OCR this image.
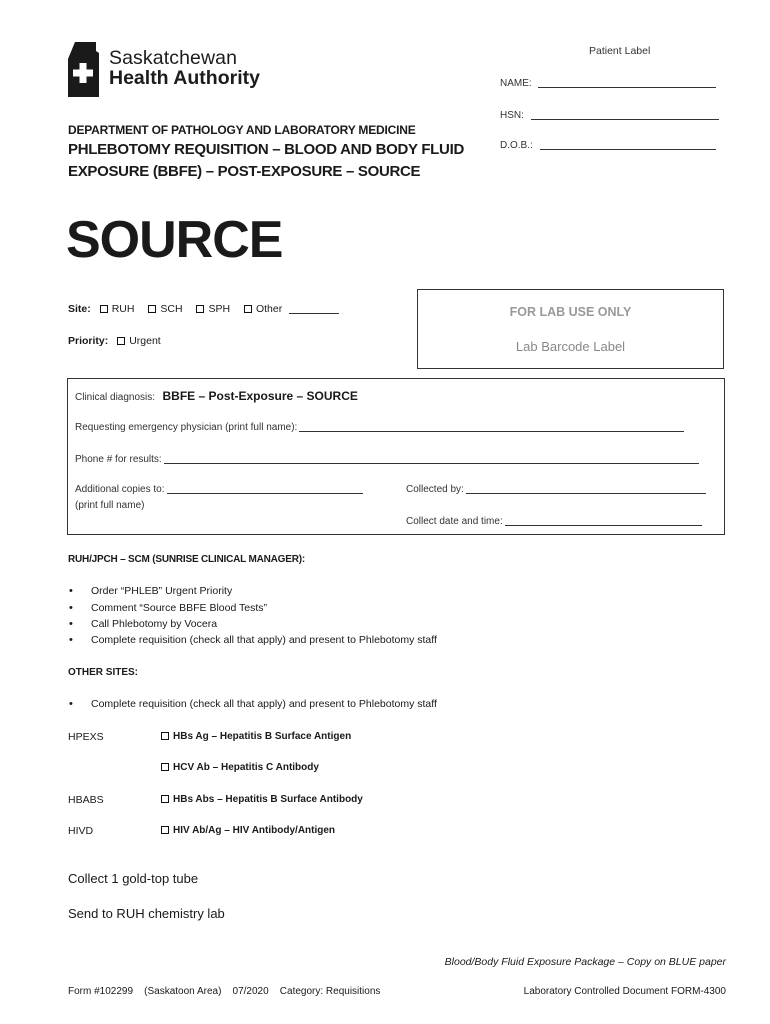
Saskatchewan
Health Authority
Patient Label
NAME:
HSN:
D.O.B.:
DEPARTMENT OF PATHOLOGY AND LABORATORY MEDICINE
PHLEBOTOMY REQUISITION – BLOOD AND BODY FLUID
EXPOSURE (BBFE) – POST-EXPOSURE – SOURCE
SOURCE
Site: RUH SCH SPH Other
Priority: Urgent
FOR LAB USE ONLY
Lab Barcode Label
Clinical diagnosis: BBFE – Post-Exposure – SOURCE
Requesting emergency physician (print full name):
Phone # for results:
Additional copies to:
(print full name)
Collected by:
Collect date and time:
RUH/JPCH – SCM (SUNRISE CLINICAL MANAGER):
• Order “PHLEB” Urgent Priority
• Comment “Source BBFE Blood Tests”
• Call Phlebotomy by Vocera
• Complete requisition (check all that apply) and present to Phlebotomy staff
OTHER SITES:
• Complete requisition (check all that apply) and present to Phlebotomy staff
HPEXS	HBs Ag – Hepatitis B Surface Antigen
HCV Ab – Hepatitis C Antibody
HBABS	HBs Abs – Hepatitis B Surface Antibody
HIVD	HIV Ab/Ag – HIV Antibody/Antigen
Collect 1 gold-top tube
Send to RUH chemistry lab
Blood/Body Fluid Exposure Package – Copy on BLUE paper
Form #102299    (Saskatoon Area)    07/2020    Category: Requisitions	Laboratory Controlled Document FORM-4300
